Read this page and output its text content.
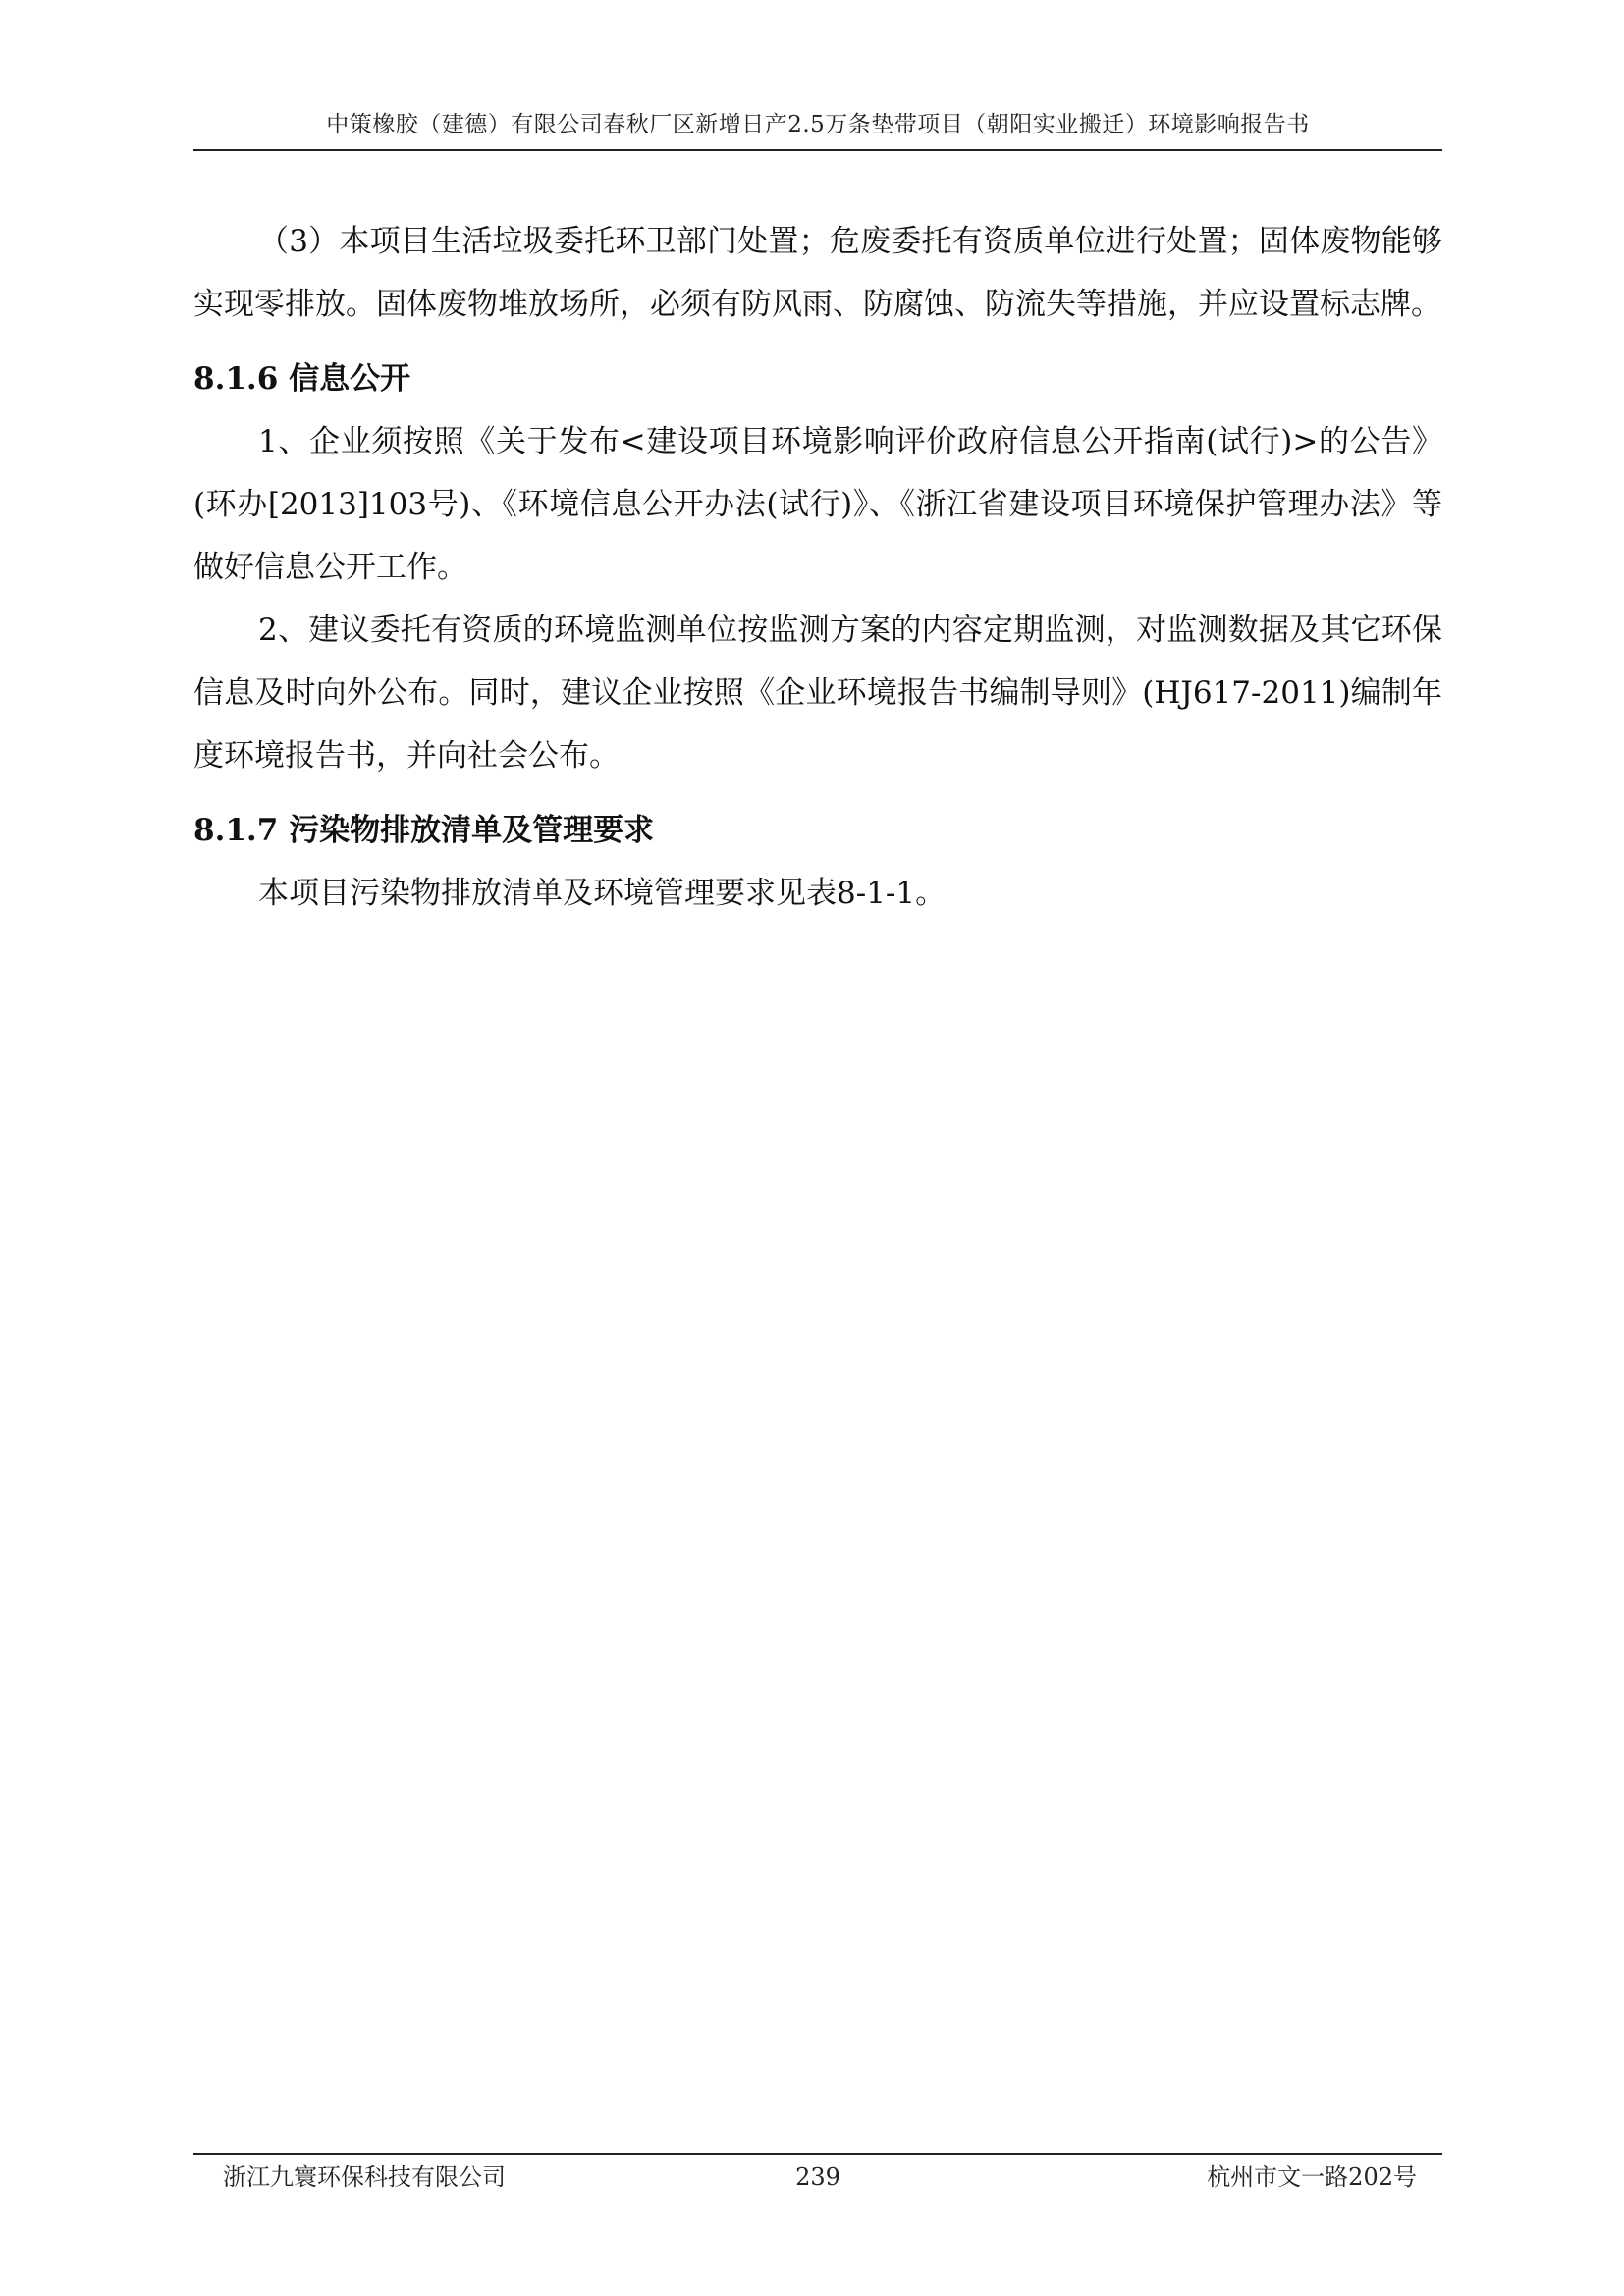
中策橡胶（建德）有限公司春秋厂区新增日产2.5万条垫带项目（朝阳实业搬迁）环境影响报告书

（3）本项目生活垃圾委托环卫部门处置；危废委托有资质单位进行处置；固体废物能够实现零排放。固体废物堆放场所，必须有防风雨、防腐蚀、防流失等措施，并应设置标志牌。

8.1.6 信息公开

1、企业须按照《关于发布<建设项目环境影响评价政府信息公开指南(试行)>的公告》(环办[2013]103号)、《环境信息公开办法(试行)》、《浙江省建设项目环境保护管理办法》等做好信息公开工作。

2、建议委托有资质的环境监测单位按监测方案的内容定期监测，对监测数据及其它环保信息及时向外公布。同时，建议企业按照《企业环境报告书编制导则》(HJ617-2011)编制年度环境报告书，并向社会公布。

8.1.7 污染物排放清单及管理要求

本项目污染物排放清单及环境管理要求见表8-1-1。

浙江九寰环保科技有限公司	239	杭州市文一路202号
